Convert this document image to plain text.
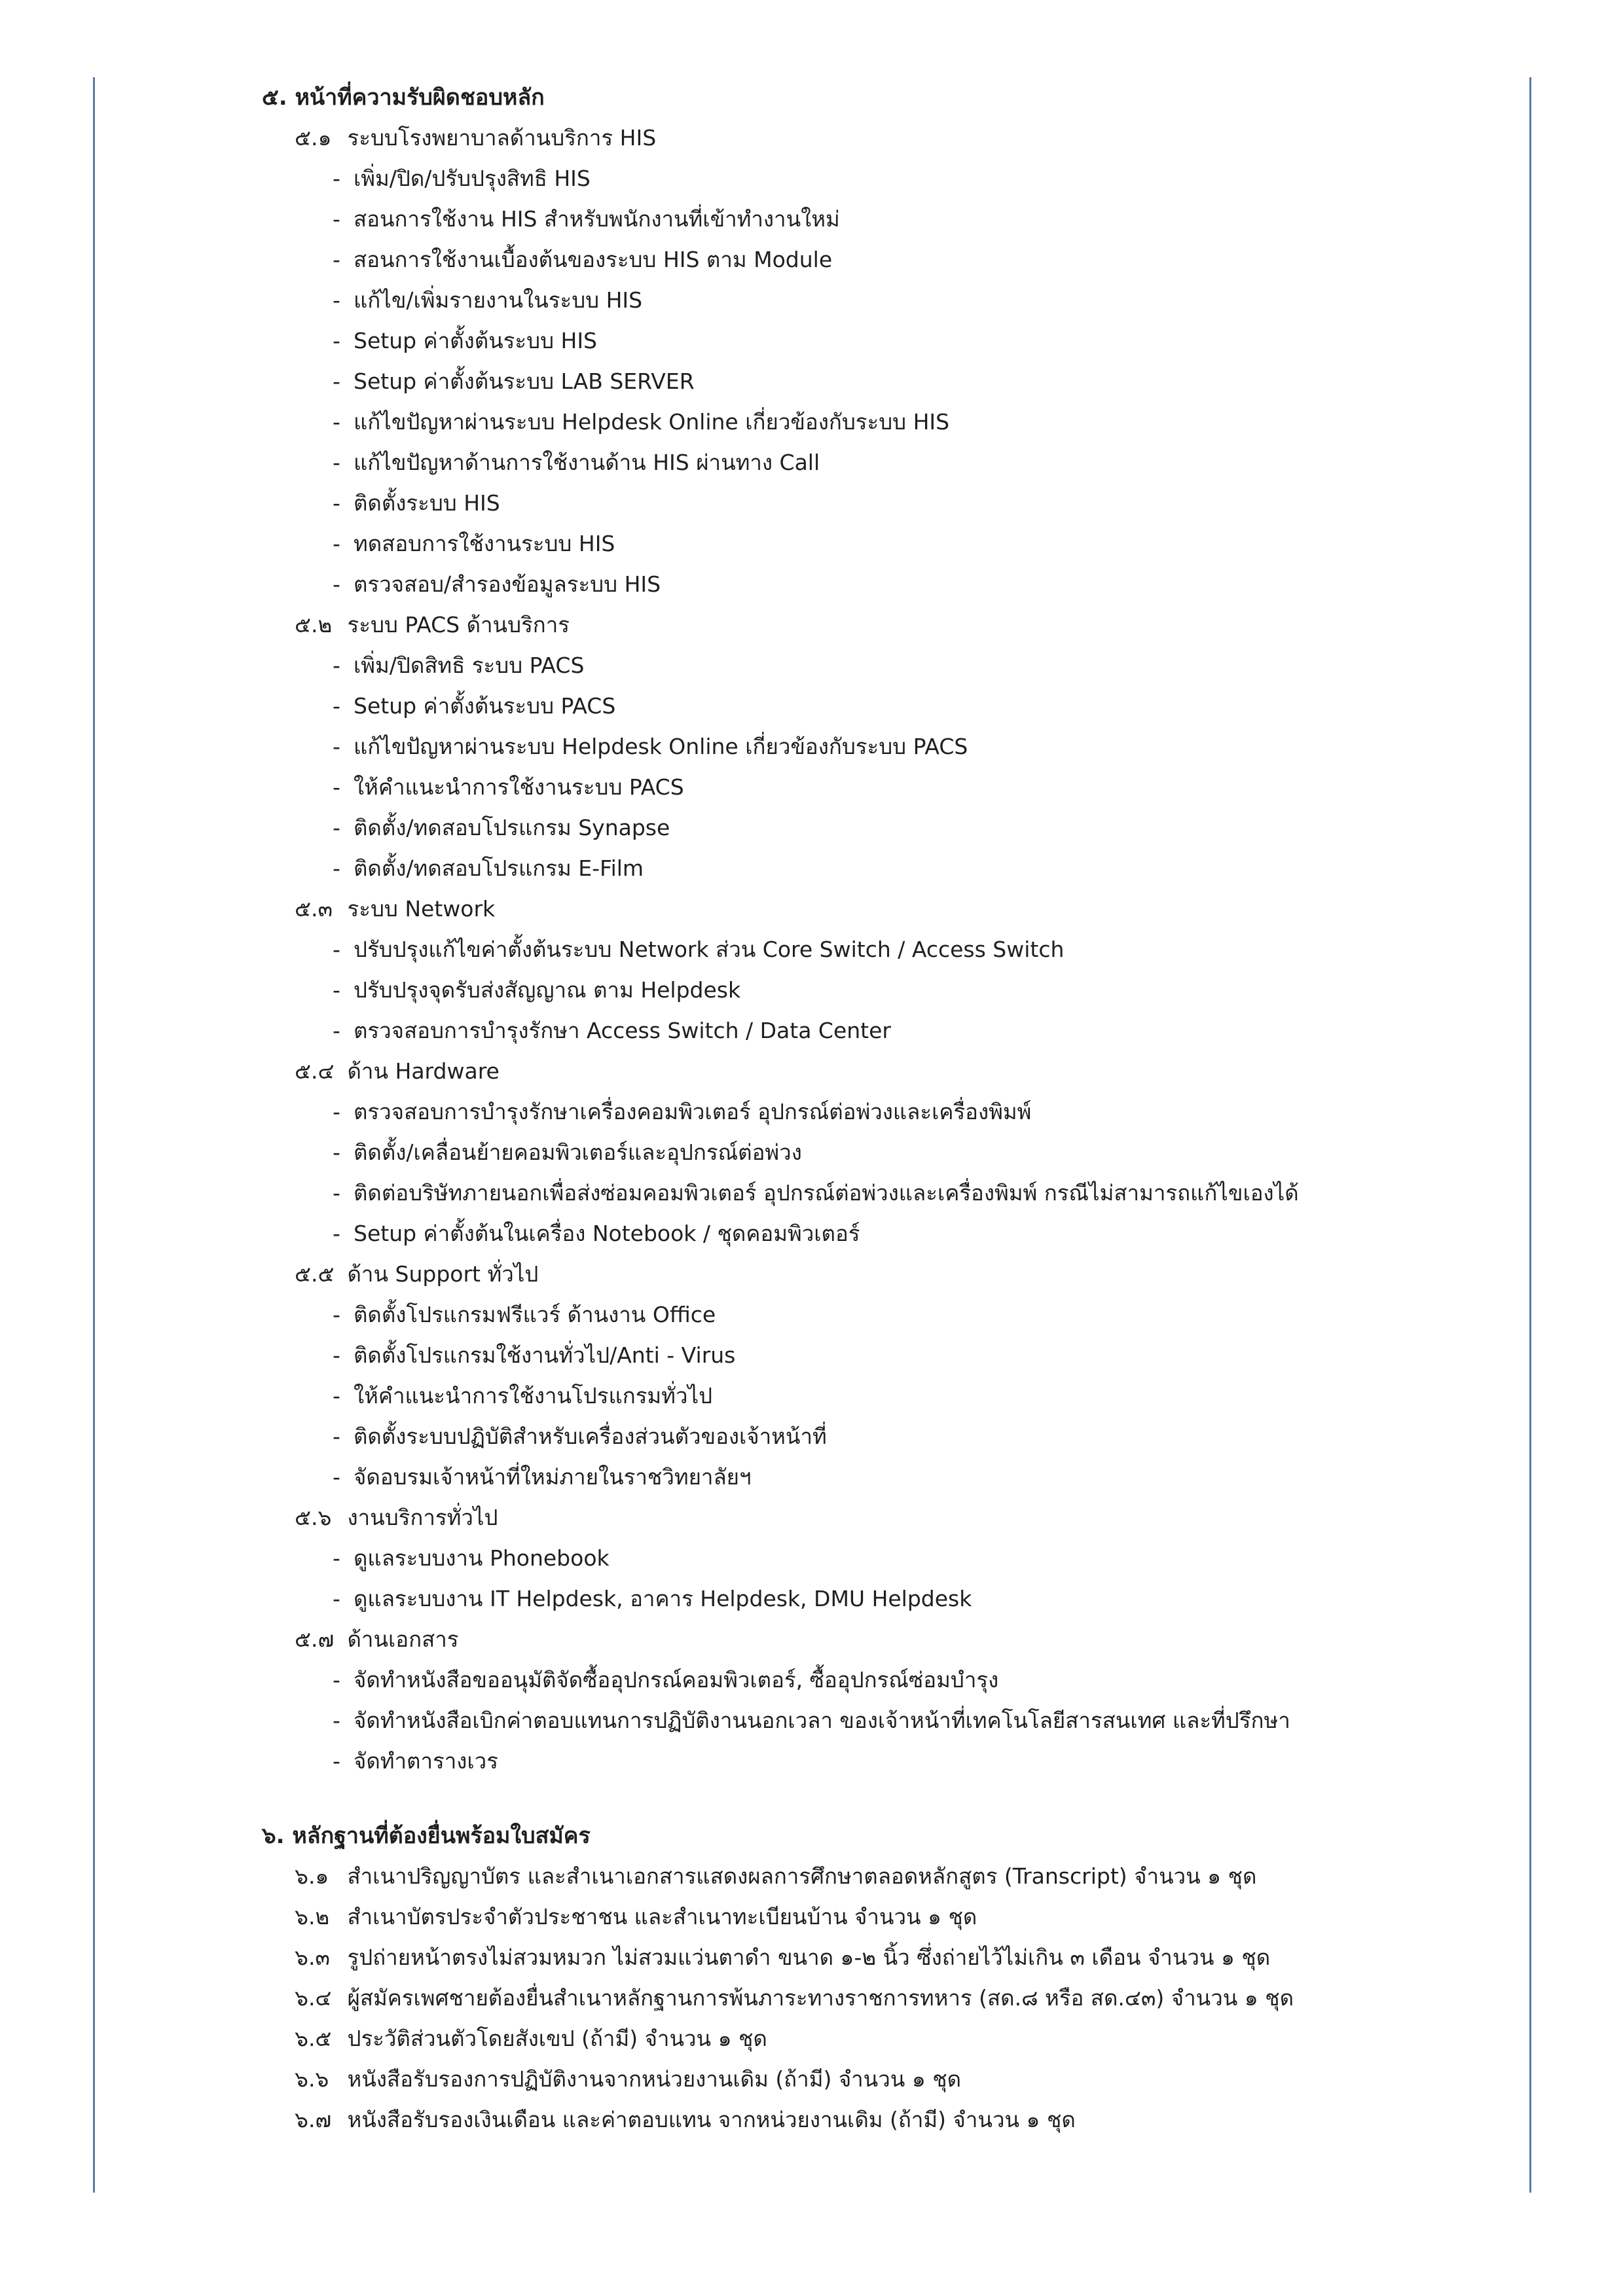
๕. หน้าที่ความรับผิดชอบหลัก
๕.๑ ระบบโรงพยาบาลด้านบริการ HIS
- เพิ่ม/ปิด/ปรับปรุงสิทธิ HIS
- สอนการใช้งาน HIS สำหรับพนักงานที่เข้าทำงานใหม่
- สอนการใช้งานเบื้องต้นของระบบ HIS ตาม Module
- แก้ไข/เพิ่มรายงานในระบบ HIS
- Setup ค่าตั้งต้นระบบ HIS
- Setup ค่าตั้งต้นระบบ LAB SERVER
- แก้ไขปัญหาผ่านระบบ Helpdesk Online เกี่ยวข้องกับระบบ HIS
- แก้ไขปัญหาด้านการใช้งานด้าน HIS ผ่านทาง Call
- ติดตั้งระบบ HIS
- ทดสอบการใช้งานระบบ HIS
- ตรวจสอบ/สำรองข้อมูลระบบ HIS
๕.๒ ระบบ PACS ด้านบริการ
- เพิ่ม/ปิดสิทธิ ระบบ PACS
- Setup ค่าตั้งต้นระบบ PACS
- แก้ไขปัญหาผ่านระบบ Helpdesk Online เกี่ยวข้องกับระบบ PACS
- ให้คำแนะนำการใช้งานระบบ PACS
- ติดตั้ง/ทดสอบโปรแกรม Synapse
- ติดตั้ง/ทดสอบโปรแกรม E-Film
๕.๓ ระบบ Network
- ปรับปรุงแก้ไขค่าตั้งต้นระบบ Network ส่วน Core Switch / Access Switch
- ปรับปรุงจุดรับส่งสัญญาณ ตาม Helpdesk
- ตรวจสอบการบำรุงรักษา Access Switch / Data Center
๕.๔ ด้าน Hardware
- ตรวจสอบการบำรุงรักษาเครื่องคอมพิวเตอร์ อุปกรณ์ต่อพ่วงและเครื่องพิมพ์
- ติดตั้ง/เคลื่อนย้ายคอมพิวเตอร์และอุปกรณ์ต่อพ่วง
- ติดต่อบริษัทภายนอกเพื่อส่งซ่อมคอมพิวเตอร์ อุปกรณ์ต่อพ่วงและเครื่องพิมพ์ กรณีไม่สามารถแก้ไขเองได้
- Setup ค่าตั้งต้นในเครื่อง Notebook / ชุดคอมพิวเตอร์
๕.๕ ด้าน Support ทั่วไป
- ติดตั้งโปรแกรมฟรีแวร์ ด้านงาน Office
- ติดตั้งโปรแกรมใช้งานทั่วไป/Anti - Virus
- ให้คำแนะนำการใช้งานโปรแกรมทั่วไป
- ติดตั้งระบบปฏิบัติสำหรับเครื่องส่วนตัวของเจ้าหน้าที่
- จัดอบรมเจ้าหน้าที่ใหม่ภายในราชวิทยาลัยฯ
๕.๖ งานบริการทั่วไป
- ดูแลระบบงาน Phonebook
- ดูแลระบบงาน IT Helpdesk, อาคาร Helpdesk, DMU Helpdesk
๕.๗ ด้านเอกสาร
- จัดทำหนังสือขออนุมัติจัดซื้ออุปกรณ์คอมพิวเตอร์, ซื้ออุปกรณ์ซ่อมบำรุง
- จัดทำหนังสือเบิกค่าตอบแทนการปฏิบัติงานนอกเวลา ของเจ้าหน้าที่เทคโนโลยีสารสนเทศ และที่ปรึกษา
- จัดทำตารางเวร
๖. หลักฐานที่ต้องยื่นพร้อมใบสมัคร
๖.๑ สำเนาปริญญาบัตร และสำเนาเอกสารแสดงผลการศึกษาตลอดหลักสูตร (Transcript) จำนวน ๑ ชุด
๖.๒ สำเนาบัตรประจำตัวประชาชน และสำเนาทะเบียนบ้าน จำนวน ๑ ชุด
๖.๓ รูปถ่ายหน้าตรงไม่สวมหมวก ไม่สวมแว่นตาดำ ขนาด ๑-๒ นิ้ว ซึ่งถ่ายไว้ไม่เกิน ๓ เดือน จำนวน ๑ ชุด
๖.๔ ผู้สมัครเพศชายต้องยื่นสำเนาหลักฐานการพ้นภาระทางราชการทหาร (สด.๘ หรือ สด.๔๓) จำนวน ๑ ชุด
๖.๕ ประวัติส่วนตัวโดยสังเขป (ถ้ามี) จำนวน ๑ ชุด
๖.๖ หนังสือรับรองการปฏิบัติงานจากหน่วยงานเดิม (ถ้ามี) จำนวน ๑ ชุด
๖.๗ หนังสือรับรองเงินเดือน และค่าตอบแทน จากหน่วยงานเดิม (ถ้ามี) จำนวน ๑ ชุด
